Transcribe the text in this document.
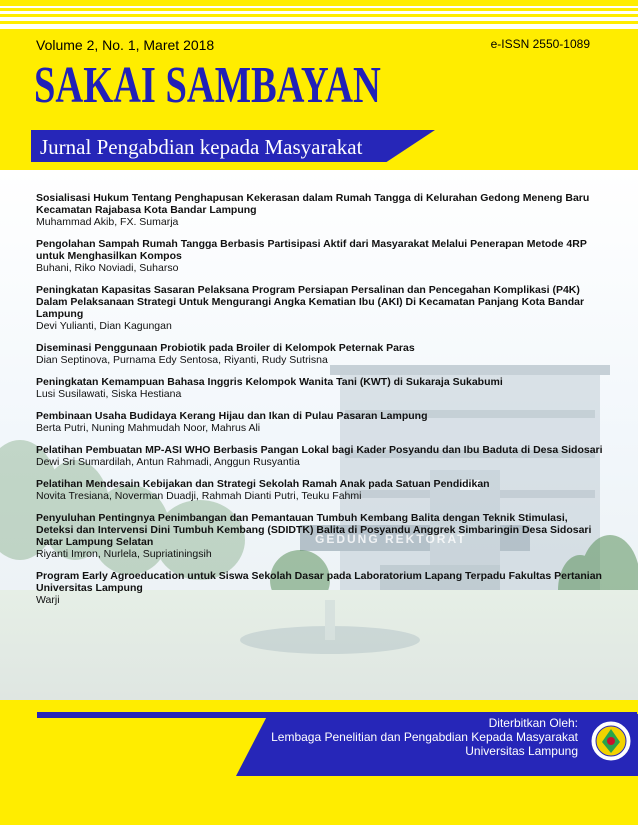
Volume 2, No. 1, Maret 2018	e-ISSN 2550-1089
SAKAI SAMBAYAN
Jurnal Pengabdian kepada Masyarakat
GEDUNG REKTORAT
Sosialisasi Hukum Tentang Penghapusan Kekerasan dalam Rumah Tangga di Kelurahan Gedong Meneng Baru Kecamatan Rajabasa Kota Bandar Lampung
Muhammad Akib, FX. Sumarja
Pengolahan Sampah Rumah Tangga Berbasis Partisipasi Aktif dari Masyarakat Melalui Penerapan Metode 4RP untuk Menghasilkan Kompos
Buhani, Riko Noviadi, Suharso
Peningkatan Kapasitas Sasaran Pelaksana Program Persiapan Persalinan dan Pencegahan Komplikasi (P4K) Dalam Pelaksanaan Strategi Untuk Mengurangi Angka Kematian Ibu (AKI) Di Kecamatan Panjang Kota Bandar Lampung
Devi Yulianti, Dian Kagungan
Diseminasi Penggunaan Probiotik pada Broiler di Kelompok Peternak Paras
Dian Septinova, Purnama Edy Sentosa, Riyanti, Rudy Sutrisna
Peningkatan Kemampuan Bahasa Inggris Kelompok Wanita Tani (KWT) di Sukaraja Sukabumi
Lusi Susilawati, Siska Hestiana
Pembinaan Usaha Budidaya Kerang Hijau dan Ikan di Pulau Pasaran Lampung
Berta Putri, Nuning Mahmudah Noor, Mahrus Ali
Pelatihan Pembuatan MP-ASI WHO Berbasis Pangan Lokal bagi Kader Posyandu dan Ibu Baduta di Desa Sidosari
Dewi Sri Sumardilah, Antun Rahmadi, Anggun Rusyantia
Pelatihan Mendesain Kebijakan dan Strategi Sekolah Ramah Anak pada Satuan Pendidikan
Novita Tresiana, Noverman Duadji, Rahmah Dianti Putri, Teuku Fahmi
Penyuluhan Pentingnya Penimbangan dan Pemantauan Tumbuh Kembang Balita dengan Teknik Stimulasi, Deteksi dan Intervensi Dini Tumbuh Kembang (SDIDTK) Balita di Posyandu Anggrek Simbaringin Desa Sidosari Natar Lampung Selatan
Riyanti Imron, Nurlela, Supriatiningsih
Program Early Agroeducation untuk Siswa Sekolah Dasar pada Laboratorium Lapang Terpadu Fakultas Pertanian Universitas Lampung
Warji
Diterbitkan Oleh:
Lembaga Penelitian dan Pengabdian Kepada Masyarakat
Universitas Lampung
